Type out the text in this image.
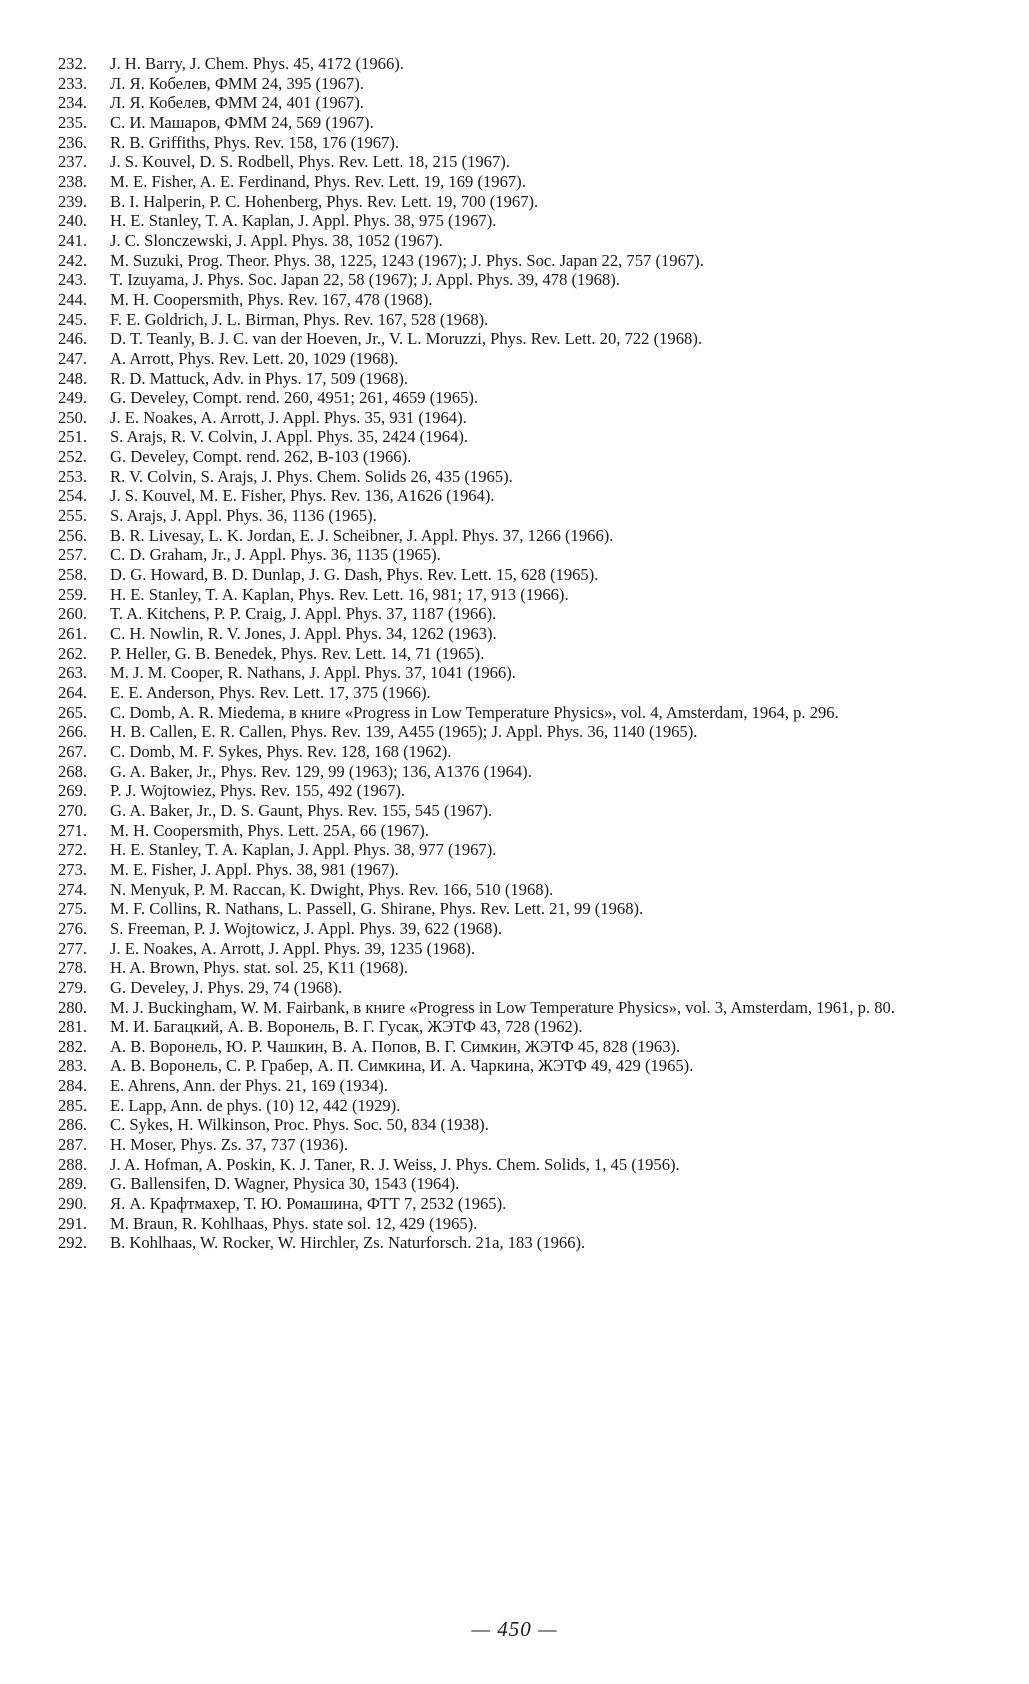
232.	J. H. Barry, J. Chem. Phys. 45, 4172 (1966).
233.	Л. Я. Кобелев, ФММ 24, 395 (1967).
234.	Л. Я. Кобелев, ФММ 24, 401 (1967).
235.	С. И. Машаров, ФММ 24, 569 (1967).
236.	R. B. Griffiths, Phys. Rev. 158, 176 (1967).
237.	J. S. Kouvel, D. S. Rodbell, Phys. Rev. Lett. 18, 215 (1967).
238.	M. E. Fisher, A. E. Ferdinand, Phys. Rev. Lett. 19, 169 (1967).
239.	B. I. Halperin, P. C. Hohenberg, Phys. Rev. Lett. 19, 700 (1967).
240.	H. E. Stanley, T. A. Kaplan, J. Appl. Phys. 38, 975 (1967).
241.	J. C. Slonczewski, J. Appl. Phys. 38, 1052 (1967).
242.	M. Suzuki, Prog. Theor. Phys. 38, 1225, 1243 (1967); J. Phys. Soc. Japan 22, 757 (1967).
243.	T. Izuyama, J. Phys. Soc. Japan 22, 58 (1967); J. Appl. Phys. 39, 478 (1968).
244.	M. H. Coopersmith, Phys. Rev. 167, 478 (1968).
245.	F. E. Goldrich, J. L. Birman, Phys. Rev. 167, 528 (1968).
246.	D. T. Teanly, B. J. C. van der Hoeven, Jr., V. L. Moruzzi, Phys. Rev. Lett. 20, 722 (1968).
247.	A. Arrott, Phys. Rev. Lett. 20, 1029 (1968).
248.	R. D. Mattuck, Adv. in Phys. 17, 509 (1968).
249.	G. Develey, Compt. rend. 260, 4951; 261, 4659 (1965).
250.	J. E. Noakes, A. Arrott, J. Appl. Phys. 35, 931 (1964).
251.	S. Arajs, R. V. Colvin, J. Appl. Phys. 35, 2424 (1964).
252.	G. Develey, Compt. rend. 262, B-103 (1966).
253.	R. V. Colvin, S. Arajs, J. Phys. Chem. Solids 26, 435 (1965).
254.	J. S. Kouvel, M. E. Fisher, Phys. Rev. 136, A1626 (1964).
255.	S. Arajs, J. Appl. Phys. 36, 1136 (1965).
256.	B. R. Livesay, L. K. Jordan, E. J. Scheibner, J. Appl. Phys. 37, 1266 (1966).
257.	C. D. Graham, Jr., J. Appl. Phys. 36, 1135 (1965).
258.	D. G. Howard, B. D. Dunlap, J. G. Dash, Phys. Rev. Lett. 15, 628 (1965).
259.	H. E. Stanley, T. A. Kaplan, Phys. Rev. Lett. 16, 981; 17, 913 (1966).
260.	T. A. Kitchens, P. P. Craig, J. Appl. Phys. 37, 1187 (1966).
261.	C. H. Nowlin, R. V. Jones, J. Appl. Phys. 34, 1262 (1963).
262.	P. Heller, G. B. Benedek, Phys. Rev. Lett. 14, 71 (1965).
263.	M. J. M. Cooper, R. Nathans, J. Appl. Phys. 37, 1041 (1966).
264.	E. E. Anderson, Phys. Rev. Lett. 17, 375 (1966).
265.	C. Domb, A. R. Miedema, в книге «Progress in Low Temperature Physics», vol. 4, Amsterdam, 1964, p. 296.
266.	H. B. Callen, E. R. Callen, Phys. Rev. 139, A455 (1965); J. Appl. Phys. 36, 1140 (1965).
267.	C. Domb, M. F. Sykes, Phys. Rev. 128, 168 (1962).
268.	G. A. Baker, Jr., Phys. Rev. 129, 99 (1963); 136, A1376 (1964).
269.	P. J. Wojtowiez, Phys. Rev. 155, 492 (1967).
270.	G. A. Baker, Jr., D. S. Gaunt, Phys. Rev. 155, 545 (1967).
271.	M. H. Coopersmith, Phys. Lett. 25A, 66 (1967).
272.	H. E. Stanley, T. A. Kaplan, J. Appl. Phys. 38, 977 (1967).
273.	M. E. Fisher, J. Appl. Phys. 38, 981 (1967).
274.	N. Menyuk, P. M. Raccan, K. Dwight, Phys. Rev. 166, 510 (1968).
275.	M. F. Collins, R. Nathans, L. Passell, G. Shirane, Phys. Rev. Lett. 21, 99 (1968).
276.	S. Freeman, P. J. Wojtowicz, J. Appl. Phys. 39, 622 (1968).
277.	J. E. Noakes, A. Arrott, J. Appl. Phys. 39, 1235 (1968).
278.	H. A. Brown, Phys. stat. sol. 25, K11 (1968).
279.	G. Develey, J. Phys. 29, 74 (1968).
280.	M. J. Buckingham, W. M. Fairbank, в книге «Progress in Low Temperature Physics», vol. 3, Amsterdam, 1961, p. 80.
281.	М. И. Багацкий, А. В. Воронель, В. Г. Гусак, ЖЭТФ 43, 728 (1962).
282.	А. В. Воронель, Ю. Р. Чашкин, В. А. Попов, В. Г. Симкин, ЖЭТФ 45, 828 (1963).
283.	А. В. Воронель, С. Р. Грабер, А. П. Симкина, И. А. Чаркина, ЖЭТФ 49, 429 (1965).
284.	E. Ahrens, Ann. der Phys. 21, 169 (1934).
285.	E. Lapp, Ann. de phys. (10) 12, 442 (1929).
286.	C. Sykes, H. Wilkinson, Proc. Phys. Soc. 50, 834 (1938).
287.	H. Moser, Phys. Zs. 37, 737 (1936).
288.	J. A. Hofman, A. Poskin, K. J. Taner, R. J. Weiss, J. Phys. Chem. Solids, 1, 45 (1956).
289.	G. Ballensifen, D. Wagner, Physica 30, 1543 (1964).
290.	Я. А. Крафтмахер, Т. Ю. Ромашина, ФТТ 7, 2532 (1965).
291.	M. Braun, R. Kohlhaas, Phys. state sol. 12, 429 (1965).
292.	B. Kohlhaas, W. Rocker, W. Hirchler, Zs. Naturforsch. 21a, 183 (1966).
— 450 —
